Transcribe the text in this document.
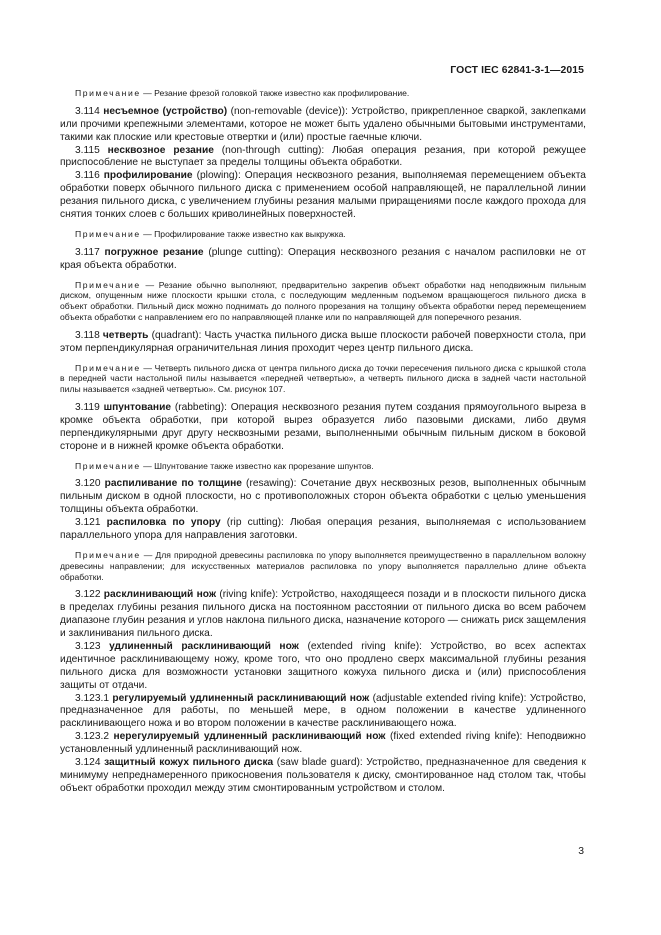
ГОСТ IEC 62841-3-1—2015

Примечание — Резание фрезой головкой также известно как профилирование.

3.114 несъемное (устройство) (non-removable (device)): Устройство, прикрепленное сваркой, заклепками или прочими крепежными элементами, которое не может быть удалено обычными бытовыми инструментами, такими как плоские или крестовые отвертки и (или) простые гаечные ключи.

3.115 несквозное резание (non-through cutting): Любая операция резания, при которой режущее приспособление не выступает за пределы толщины объекта обработки.

3.116 профилирование (plowing): Операция несквозного резания, выполняемая перемещением объекта обработки поверх обычного пильного диска с применением особой направляющей, не параллельной линии резания пильного диска, с увеличением глубины резания малыми приращениями после каждого прохода для снятия тонких слоев с больших криволинейных поверхностей.

Примечание — Профилирование также известно как выкружка.

3.117 погружное резание (plunge cutting): Операция несквозного резания с началом распиловки не от края объекта обработки.

Примечание — Резание обычно выполняют, предварительно закрепив объект обработки над неподвижным пильным диском, опущенным ниже плоскости крышки стола, с последующим медленным подъемом вращающегося пильного диска в объект обработки. Пильный диск можно поднимать до полного прорезания на толщину объекта обработки перед перемещением объекта обработки с направлением его по направляющей планке или по направляющей для поперечного резания.

3.118 четверть (quadrant): Часть участка пильного диска выше плоскости рабочей поверхности стола, при этом перпендикулярная ограничительная линия проходит через центр пильного диска.

Примечание — Четверть пильного диска от центра пильного диска до точки пересечения пильного диска с крышкой стола в передней части настольной пилы называется «передней четвертью», а четверть пильного диска в задней части настольной пилы называется «задней четвертью». См. рисунок 107.

3.119 шпунтование (rabbeting): Операция несквозного резания путем создания прямоугольного выреза в кромке объекта обработки, при которой вырез образуется либо пазовыми дисками, либо двумя перпендикулярными друг другу несквозными резами, выполненными обычным пильным диском в боковой стороне и в нижней кромке объекта обработки.

Примечание — Шпунтование также известно как прорезание шпунтов.

3.120 распиливание по толщине (resawing): Сочетание двух несквозных резов, выполненных обычным пильным диском в одной плоскости, но с противоположных сторон объекта обработки с целью уменьшения толщины объекта обработки.

3.121 распиловка по упору (rip cutting): Любая операция резания, выполняемая с использованием параллельного упора для направления заготовки.

Примечание — Для природной древесины распиловка по упору выполняется преимущественно в параллельном волокну древесины направлении; для искусственных материалов распиловка по упору выполняется параллельно длине объекта обработки.

3.122 расклинивающий нож (riving knife): Устройство, находящееся позади и в плоскости пильного диска в пределах глубины резания пильного диска на постоянном расстоянии от пильного диска во всем рабочем диапазоне глубин резания и углов наклона пильного диска, назначение которого — снижать риск защемления и заклинивания пильного диска.

3.123 удлиненный расклинивающий нож (extended riving knife): Устройство, во всех аспектах идентичное расклинивающему ножу, кроме того, что оно продлено сверх максимальной глубины резания пильного диска для возможности установки защитного кожуха пильного диска и (или) приспособления защиты от отдачи.

3.123.1 регулируемый удлиненный расклинивающий нож (adjustable extended riving knife): Устройство, предназначенное для работы, по меньшей мере, в одном положении в качестве удлиненного расклинивающего ножа и во втором положении в качестве расклинивающего ножа.

3.123.2 нерегулируемый удлиненный расклинивающий нож (fixed extended riving knife): Неподвижно установленный удлиненный расклинивающий нож.

3.124 защитный кожух пильного диска (saw blade guard): Устройство, предназначенное для сведения к минимуму непреднамеренного прикосновения пользователя к диску, смонтированное над столом так, чтобы объект обработки проходил между этим смонтированным устройством и столом.

3
